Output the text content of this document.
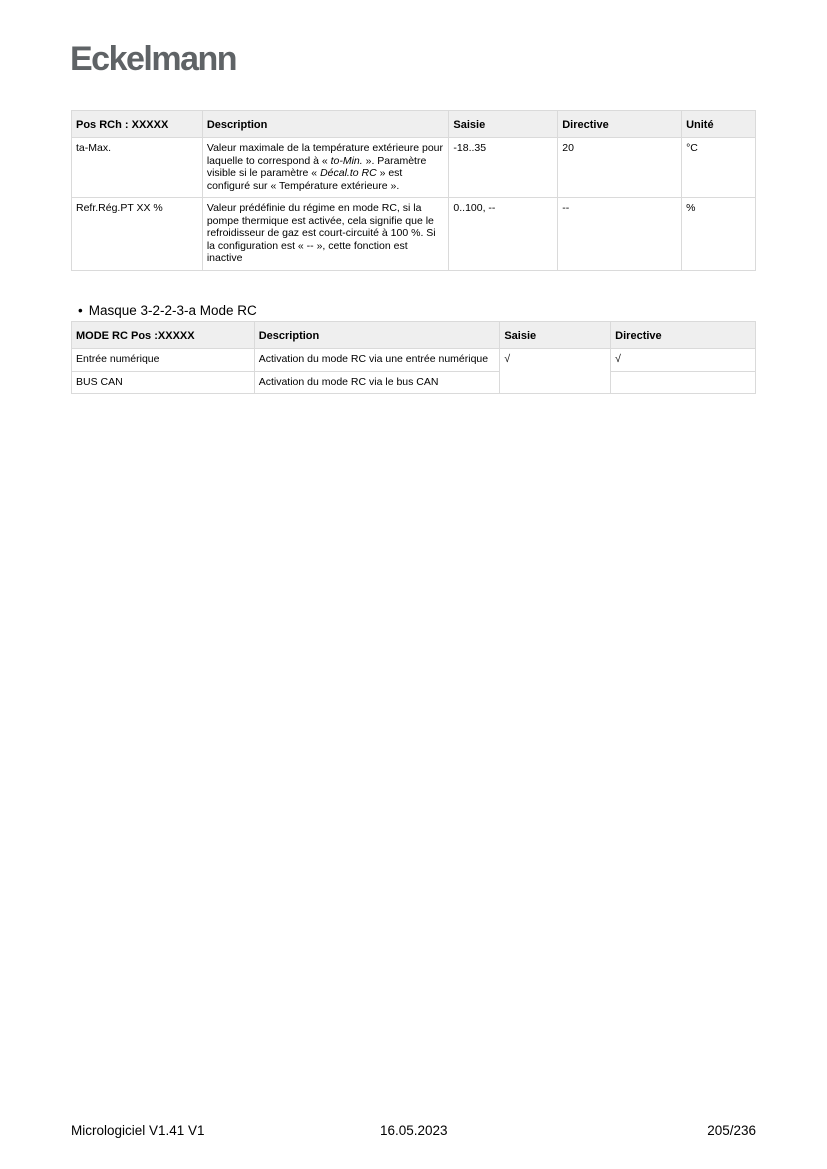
Eckelmann
Pos RCh : XXXXX	Description	Saisie	Directive	Unité
ta-Max.	Valeur maximale de la température extérieure pour laquelle to correspond à « to-Min. ». Paramètre visible si le paramètre « Décal.to RC » est configuré sur « Température extérieure ».	-18..35	20	°C
Refr.Rég.PT XX %	Valeur prédéfinie du régime en mode RC, si la pompe thermique est activée, cela signifie que le refroidisseur de gaz est court-circuité à 100 %. Si la configuration est « -- », cette fonction est inactive	0..100, --	--	%
• Masque 3-2-2-3-a Mode RC
MODE RC Pos :XXXXX	Description	Saisie	Directive
Entrée numérique	Activation du mode RC via une entrée numérique	√	√
BUS CAN	Activation du mode RC via le bus CAN		
Micrologiciel V1.41 V1	16.05.2023	205/236
